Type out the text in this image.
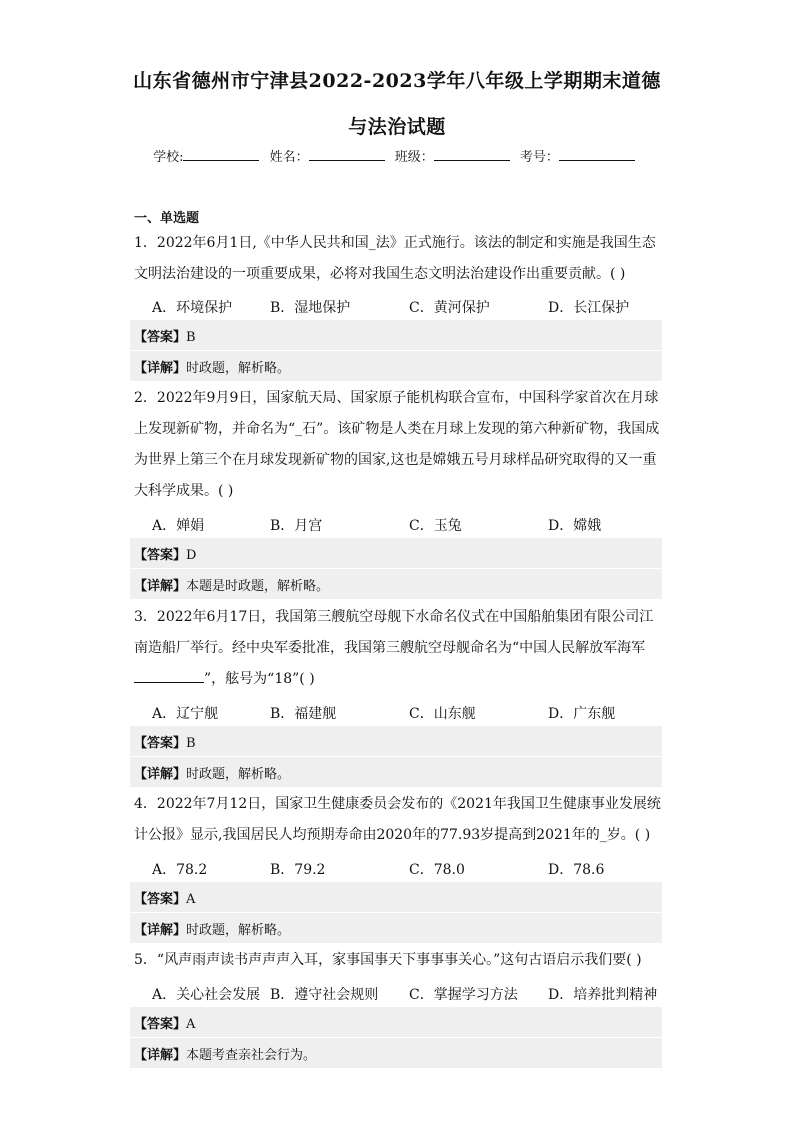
山东省德州市宁津县2022-2023学年八年级上学期期末道德
与法治试题
学校:	姓名：	班级：	考号：
一、单选题
1．2022年6月1日,《中华人民共和国_法》正式施行。该法的制定和实施是我国生态
文明法治建设的一项重要成果，必将对我国生态文明法治建设作出重要贡献。( )
A．环境保护	B．湿地保护	C．黄河保护	D．长江保护
【答案】B
【详解】时政题，解析略。
2．2022年9月9日，国家航天局、国家原子能机构联合宣布，中国科学家首次在月球
上发现新矿物，并命名为“_石”。该矿物是人类在月球上发现的第六种新矿物，我国成
为世界上第三个在月球发现新矿物的国家,这也是嫦娥五号月球样品研究取得的又一重
大科学成果。( )
A．婵娟	B．月宫	C．玉兔	D．嫦娥
【答案】D
【详解】本题是时政题，解析略。
3．2022年6月17日，我国第三艘航空母舰下水命名仪式在中国船舶集团有限公司江
南造船厂举行。经中央军委批准，我国第三艘航空母舰命名为“中国人民解放军海军
”，舷号为“18”( )
A．辽宁舰	B．福建舰	C．山东舰	D．广东舰
【答案】B
【详解】时政题，解析略。
4．2022年7月12日，国家卫生健康委员会发布的《2021年我国卫生健康事业发展统
计公报》显示,我国居民人均预期寿命由2020年的77.93岁提高到2021年的_岁。( )
A．78.2	B．79.2	C．78.0	D．78.6
【答案】A
【详解】时政题，解析略。
5．“风声雨声读书声声声入耳，家事国事天下事事事关心。”这句古语启示我们要( )
A．关心社会发展 B．遵守社会规则 C．掌握学习方法 D．培养批判精神
【答案】A
【详解】本题考查亲社会行为。
